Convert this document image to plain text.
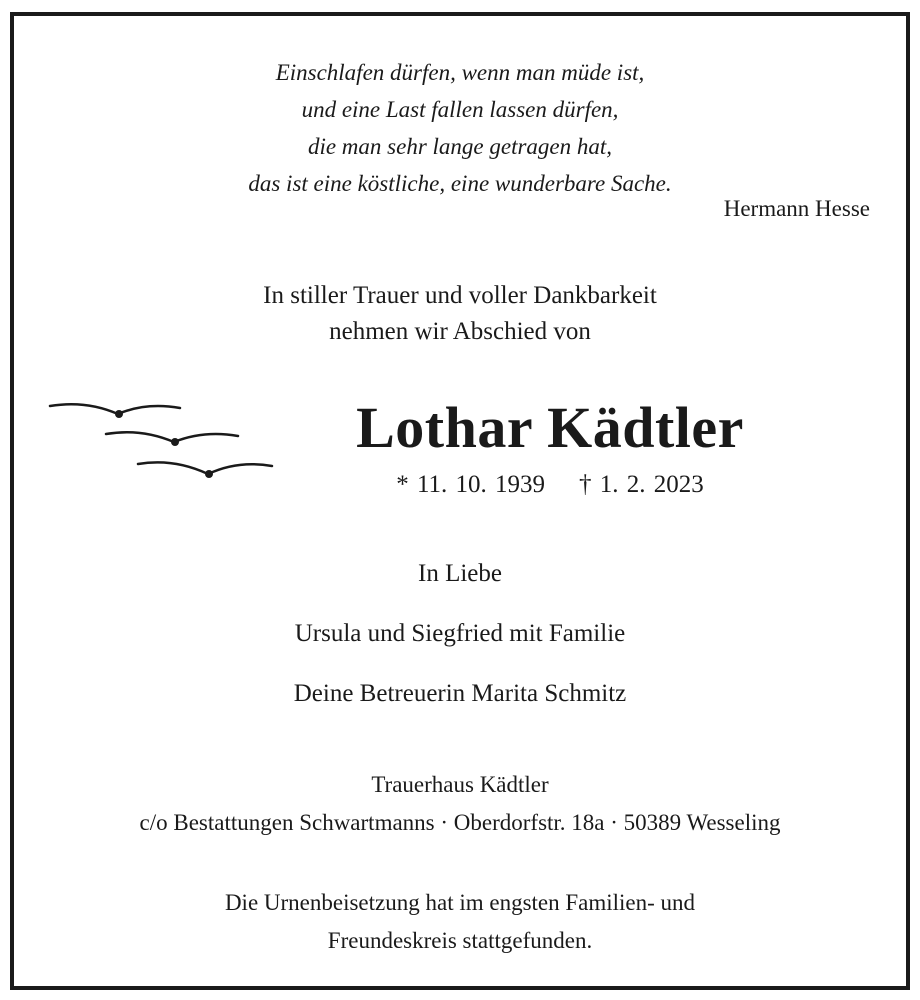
Einschlafen dürfen, wenn man müde ist,
und eine Last fallen lassen dürfen,
die man sehr lange getragen hat,
das ist eine köstliche, eine wunderbare Sache.
Hermann Hesse
In stiller Trauer und voller Dankbarkeit
nehmen wir Abschied von
Lothar Kädtler
* 11. 10. 1939 † 1. 2. 2023
In Liebe
Ursula und Siegfried mit Familie
Deine Betreuerin Marita Schmitz
Trauerhaus Kädtler
c/o Bestattungen Schwartmanns · Oberdorfstr. 18a · 50389 Wesseling
Die Urnenbeisetzung hat im engsten Familien- und
Freundeskreis stattgefunden.
